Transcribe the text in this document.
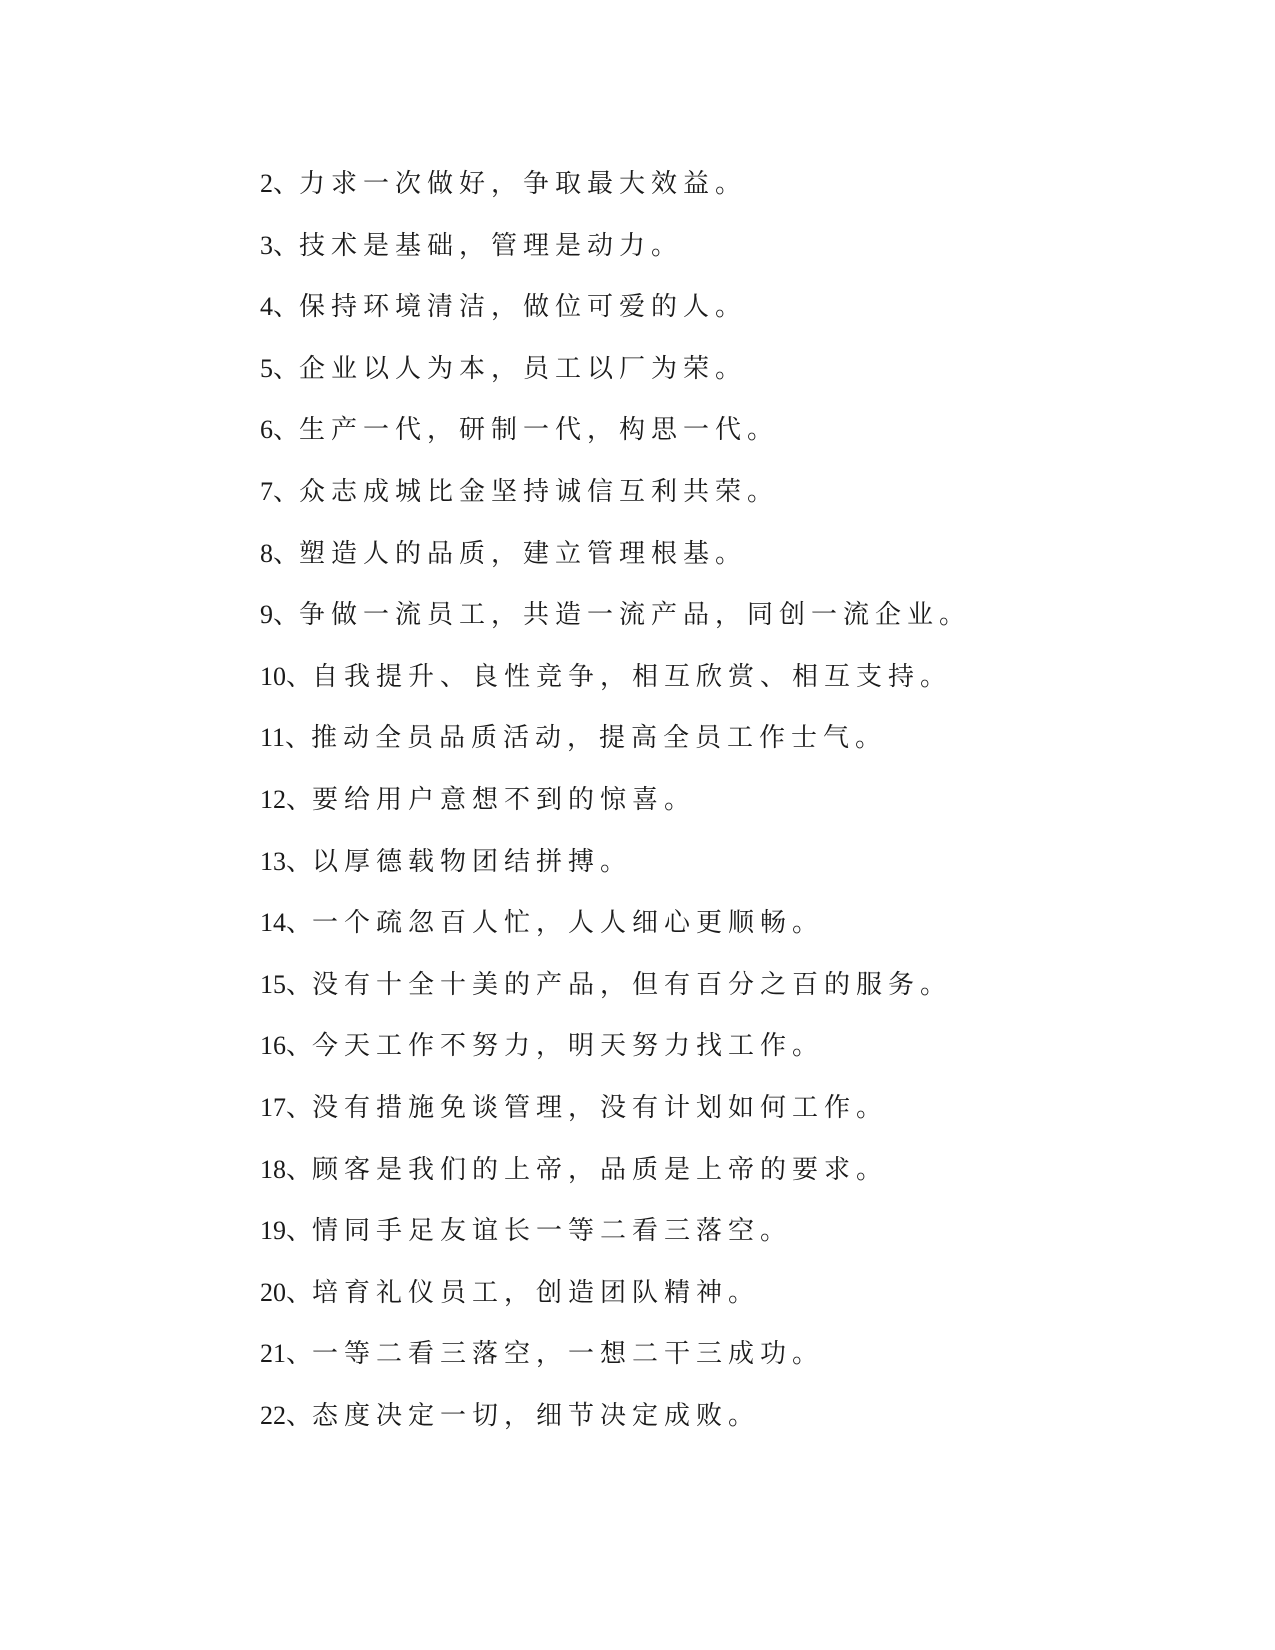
2、力求一次做好，争取最大效益。
3、技术是基础，管理是动力。
4、保持环境清洁，做位可爱的人。
5、企业以人为本，员工以厂为荣。
6、生产一代，研制一代，构思一代。
7、众志成城比金坚持诚信互利共荣。
8、塑造人的品质，建立管理根基。
9、争做一流员工，共造一流产品，同创一流企业。
10、自我提升、良性竞争，相互欣赏、相互支持。
11、推动全员品质活动，提高全员工作士气。
12、要给用户意想不到的惊喜。
13、以厚德载物团结拼搏。
14、一个疏忽百人忙，人人细心更顺畅。
15、没有十全十美的产品，但有百分之百的服务。
16、今天工作不努力，明天努力找工作。
17、没有措施免谈管理，没有计划如何工作。
18、顾客是我们的上帝，品质是上帝的要求。
19、情同手足友谊长一等二看三落空。
20、培育礼仪员工，创造团队精神。
21、一等二看三落空，一想二干三成功。
22、态度决定一切，细节决定成败。
